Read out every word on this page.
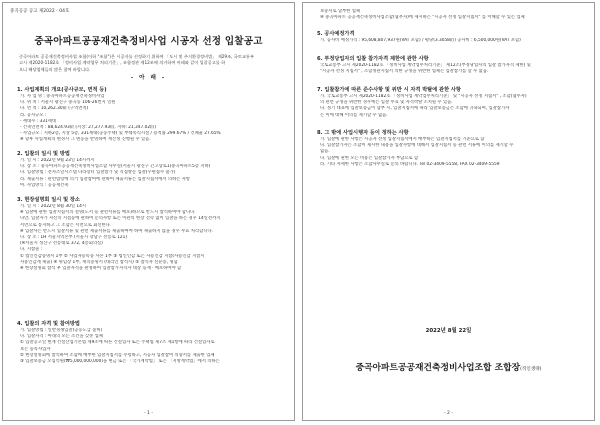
중곡공공 공고 제2022 - 04호
중곡아파트공공재건축정비사업 시공자 선정 입찰공고
중곡아파트 공공재건축정비사업 조합(이하 "조합")은 시공자를 선정하기 위하여 「도시 및 주거환경정비법」 제29조, 국토교통부
고시 제2020-1182호 「정비사업 계약업무 처리기준」, 조합정관 제12조에 의거하여 아래와 같이 입찰공고를 하
오니 해당업체들의 많은 참여 바랍니다.
- 아 래 -
1. 사업계획의 개요(공사규모, 면적 등)
가. 사 업 명 : 중곡아파트공공재건축정비사업
나. 위 치 : 서울시 광진구 중곡동 106-26번지 일원
다. 면 적 : 10,262.30㎡ (구역면적)
라. 공사규모 :
- 세대수 : 331세대
- 건축연면적 : 88,624.93㎡ (지상: 27,277.93㎡, 지하: 21,347.02㎡)
- 사업규모 : 지하2층, 지상 5층, 331세대(공동주택) 및 부대복리시설 / 용적률 299.67% / 건폐율 27.65%
※ 향후 사업계획의 변경시 그 변동을 반영하여 재산정 진행될 수 있음.
2. 입찰의 일시 및 방법
가. 일 시 : 2022년 9월 23일 14시까지
나. 장 소 : 중곡아파트공공재건축정비사업조합 사무실(서울시 광진구 긴고랑로1(중곡아파트5층 지하)
다. 입찰방법 : 전자조달시스템 나라장터 입찰참가 및 직접방문 입찰(우편접수 불가)
라. 제출서류 : 관련법령에 의거 입찰참여에 관하여 제출서류는 입찰지침서에서 의하는 사항
마. 사업방식 : 공공재건축
3. 현장설명회 일시 및 장소
가. 일 시 : 2022년 8월 30일 14시
※ 입찰에 관한 입찰지침서의 설명(도서 등 관련서류를 배포)하므로 반드시 참석하여야 합니다.
다만, 입찰자가 자신의 지점등에 관하여 문의사항 또는 이관의 현장 견학 없이 입찰을 하는 경우 14일전까지
서면으로 통지하고 그 조합은 서면으로 회신한다.
※ 입찰사는 반드시 입찰서류 및 관련 제출서류를 제출하여야 하며 제출하지 않을 경우 무효 처리합니다.
나. 장 소 : LH 서울지역본부 (서울시 강남구 선릉로 121)
(※서울시 성산구 선릉대로 372, 4층회의실)
다. 지참물 :
① 법인인감증명서 1부 ② 사업자등록증 사본 1부 ③ 법인인감 또는 사용인감 지참(사용인감 지참시
사용인감계 제출) ④ 위임장 1부, 재직증명서 (대리인 참석시) ⑤ 참석자 신분증, 명함
※ 현장설명회 참석 후 입찰자격을 판정하여 입찰참가자격자 대장 등재 · 배포하여야 함
4. 입찰의 자격 및 참여방법
가. 입찰방법 : 일반경쟁입찰(공동도급 불허)
나. 입찰자격 : 아래의 모든 조건을 갖춘 업체
① 입찰공고일 현재 건설산업기본법 제9조에 따른 건설업자 또는 주택법 제7조 제1항에 따라 건설업자로
보는 등록사업자
② 현장설명회에 참석하여 조합에 배부한 입찰지침서를 수령하고, 시공자 입찰참여 의향서를 제출한 업체
③ 입찰보증금 오십억원(₩5,000,000,000)을 현금 또는 「국가계약법」 또는 「지방계약법」에서 의하는
- 1 -
보증서로 납부한 업체
④ 중곡아파트 공공재건축정비사업조합(협무자)에 제시하는 "시공자 선정 입찰지침서" 를 이해할 수 있는 업체
5. 공사예정가격
가. 공사비 예정가격 : 95,608,807,937원(VAT 포함) / 평당(3.3058㎡) 공사비 : 6,500,000원(VAT 포함)
6. 부정당업자의 입찰 참가자격 제한에 관한 사항
국토교통부 고시 제2020-1182호 「정비사업 계약업무처리기준」 제12조(부정당업자의 입찰 참가자격 제한) 및
"시공자 선정 지침서" , 조합정관지침서 의한 규정을 위반한 업체는 입찰참가를 할 수 없음.
7. 입찰참가에 따른 준수사항 및 위반 시 자격 박탈에 관한 사항
가. 국토교통부 고시 제2020-1182호 「정비사업 계약업무처리기준」 및 "시공자 선정 지침서" , 조합(협무자)
의 관련 규정을 위반한 경우에는 입찰 무효 및 자격박탈 조치될 수 있음.
나. 정기 대표에 입찰보증금이 납부 시, 입찰지침서에 따라 입찰보증금은 조합에 귀속되며, 입찰참가자
는 이에 대해 이의를 제기할 수 없음.
8. 그 밖에 사업시행자 등이 정하는 사항
가. 입찰에 관한 사항은 시공자 선정 입찰지침서에서 배부하는 입찰지침서를 기준으로 함
나. 입찰참가자는 조합이 제시한 내용을 입찰사항에 대해서 입찰지침서 등 관련 서류에 이의를 제기할 수
없음.
다. 입찰에 관한 모든 비용은 입찰참가자 부담으로 함
라. 기타 자세한 사항은 조합사무실로 문의 바랍니다. Tel 02-3409-5558, FAX 02-3409-5559
2022년 8월 22일
중곡아파트공공재건축정비사업조합 조합장(직인생략)
- 2 -
